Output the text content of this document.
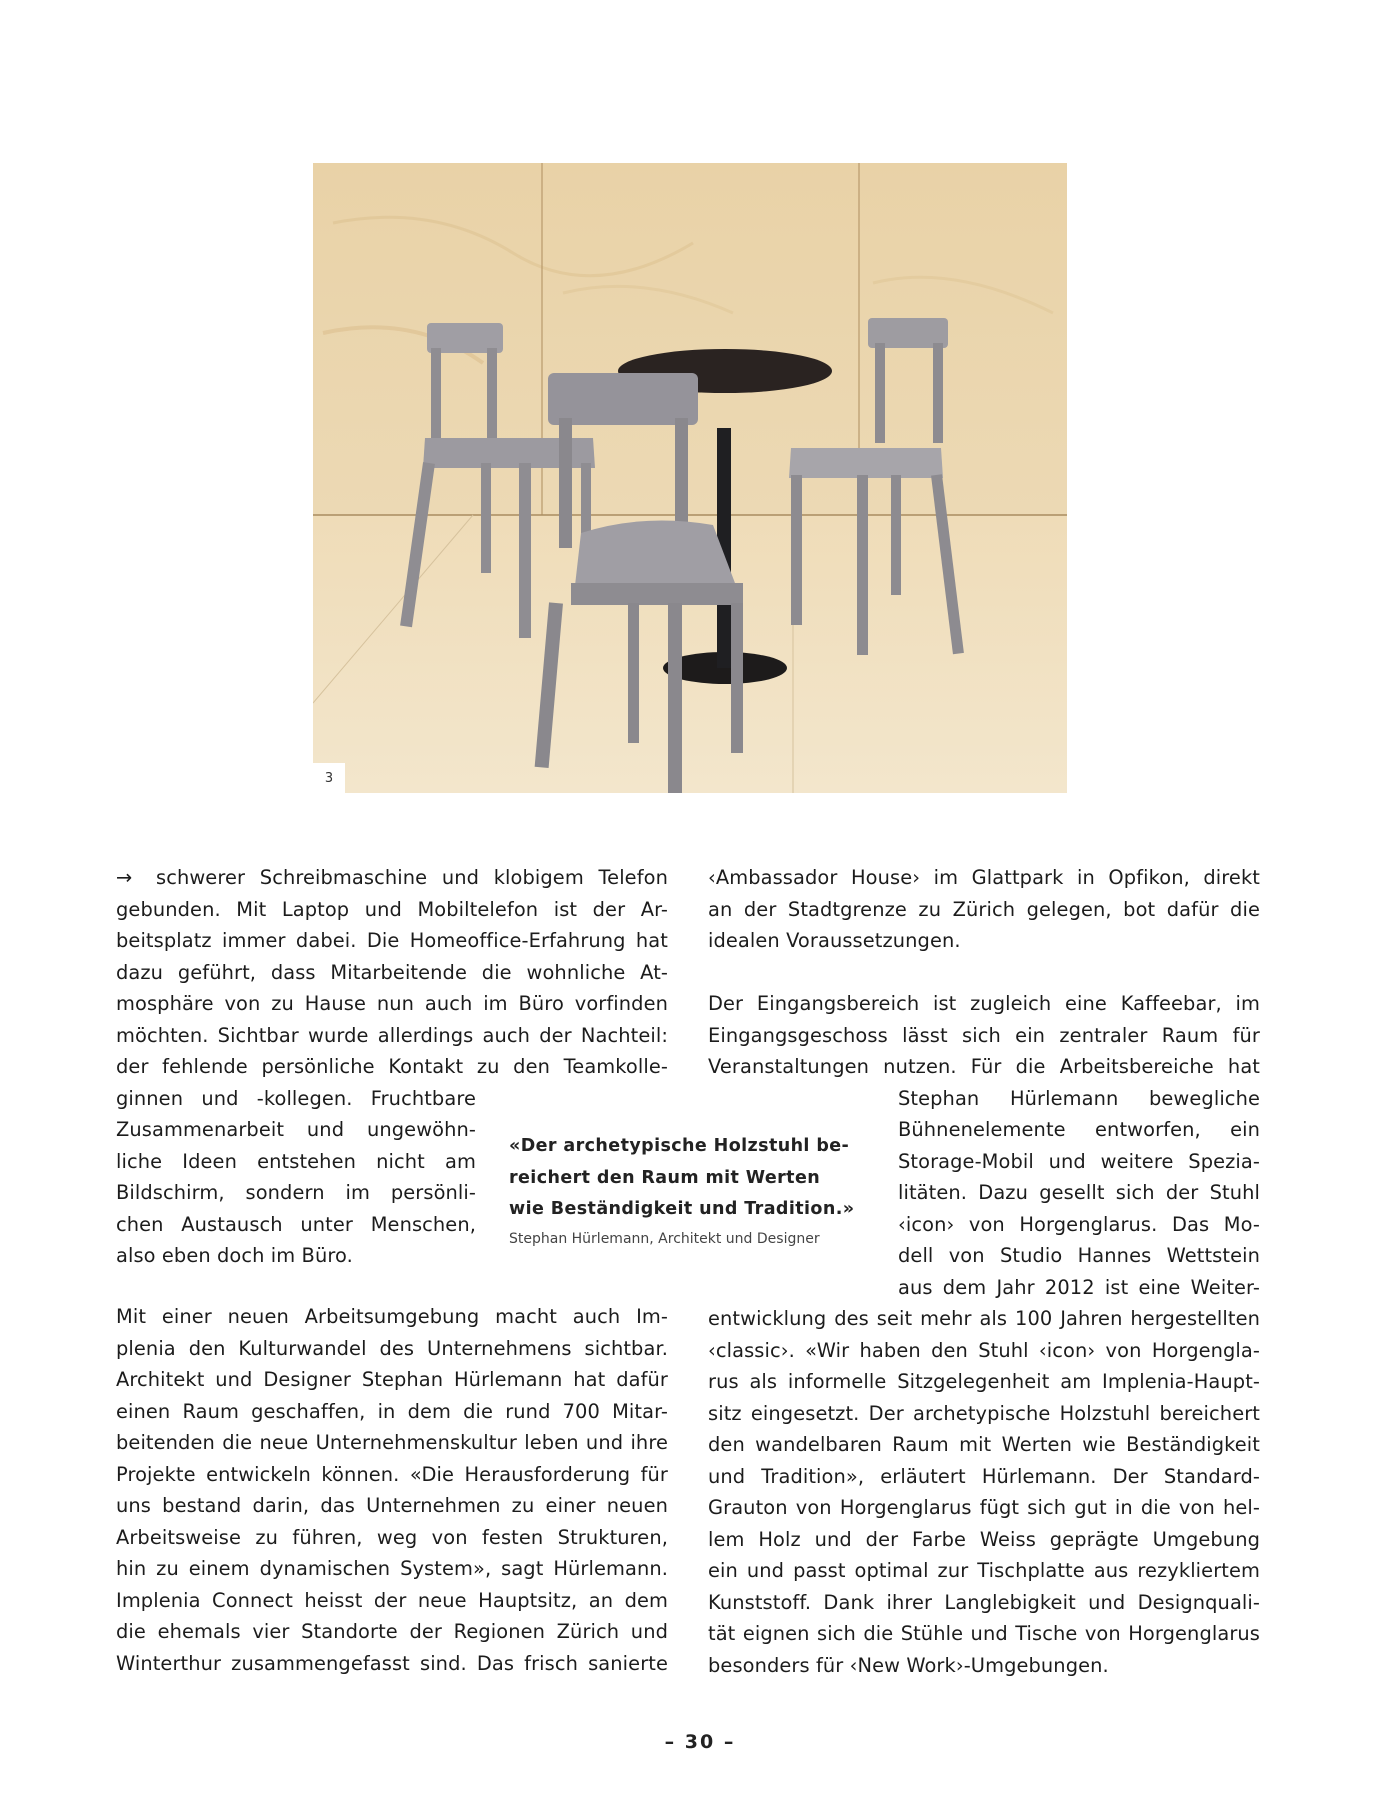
3
→ schwerer Schreibmaschine und klobigem Telefon
gebunden. Mit Laptop und Mobiltelefon ist der Ar-
beitsplatz immer dabei. Die Homeoffice-Erfahrung hat
dazu geführt, dass Mitarbeitende die wohnliche At-
mosphäre von zu Hause nun auch im Büro vorfinden
möchten. Sichtbar wurde allerdings auch der Nachteil:
der fehlende persönliche Kontakt zu den Teamkolle-
ginnen und -kollegen. Fruchtbare
Zusammenarbeit und ungewöhn-
liche Ideen entstehen nicht am
Bildschirm, sondern im persönli-
chen Austausch unter Menschen,
also eben doch im Büro.
Mit einer neuen Arbeitsumgebung macht auch Im-
plenia den Kulturwandel des Unternehmens sichtbar.
Architekt und Designer Stephan Hürlemann hat dafür
einen Raum geschaffen, in dem die rund 700 Mitar-
beitenden die neue Unternehmenskultur leben und ihre
Projekte entwickeln können. «Die Herausforderung für
uns bestand darin, das Unternehmen zu einer neuen
Arbeitsweise zu führen, weg von festen Strukturen,
hin zu einem dynamischen System», sagt Hürlemann.
Implenia Connect heisst der neue Hauptsitz, an dem
die ehemals vier Standorte der Regionen Zürich und
Winterthur zusammengefasst sind. Das frisch sanierte
«Der archetypische Holzstuhl be-
reichert den Raum mit Werten
wie Beständigkeit und Tradition.»
Stephan Hürlemann, Architekt und Designer
‹Ambassador House› im Glattpark in Opfikon, direkt
an der Stadtgrenze zu Zürich gelegen, bot dafür die
idealen Voraussetzungen.
Der Eingangsbereich ist zugleich eine Kaffeebar, im
Eingangsgeschoss lässt sich ein zentraler Raum für
Veranstaltungen nutzen. Für die Arbeitsbereiche hat
Stephan Hürlemann bewegliche
Bühnenelemente entworfen, ein
Storage-Mobil und weitere Spezia-
litäten. Dazu gesellt sich der Stuhl
‹icon› von Horgenglarus. Das Mo-
dell von Studio Hannes Wettstein
aus dem Jahr 2012 ist eine Weiter-
entwicklung des seit mehr als 100 Jahren hergestellten
‹classic›. «Wir haben den Stuhl ‹icon› von Horgengla-
rus als informelle Sitzgelegenheit am Implenia-Haupt-
sitz eingesetzt. Der archetypische Holzstuhl bereichert
den wandelbaren Raum mit Werten wie Beständigkeit
und Tradition», erläutert Hürlemann. Der Standard-
Grauton von Horgenglarus fügt sich gut in die von hel-
lem Holz und der Farbe Weiss geprägte Umgebung
ein und passt optimal zur Tischplatte aus rezykliertem
Kunststoff. Dank ihrer Langlebigkeit und Designquali-
tät eignen sich die Stühle und Tische von Horgenglarus
besonders für ‹New Work›-Umgebungen.
– 30 –
